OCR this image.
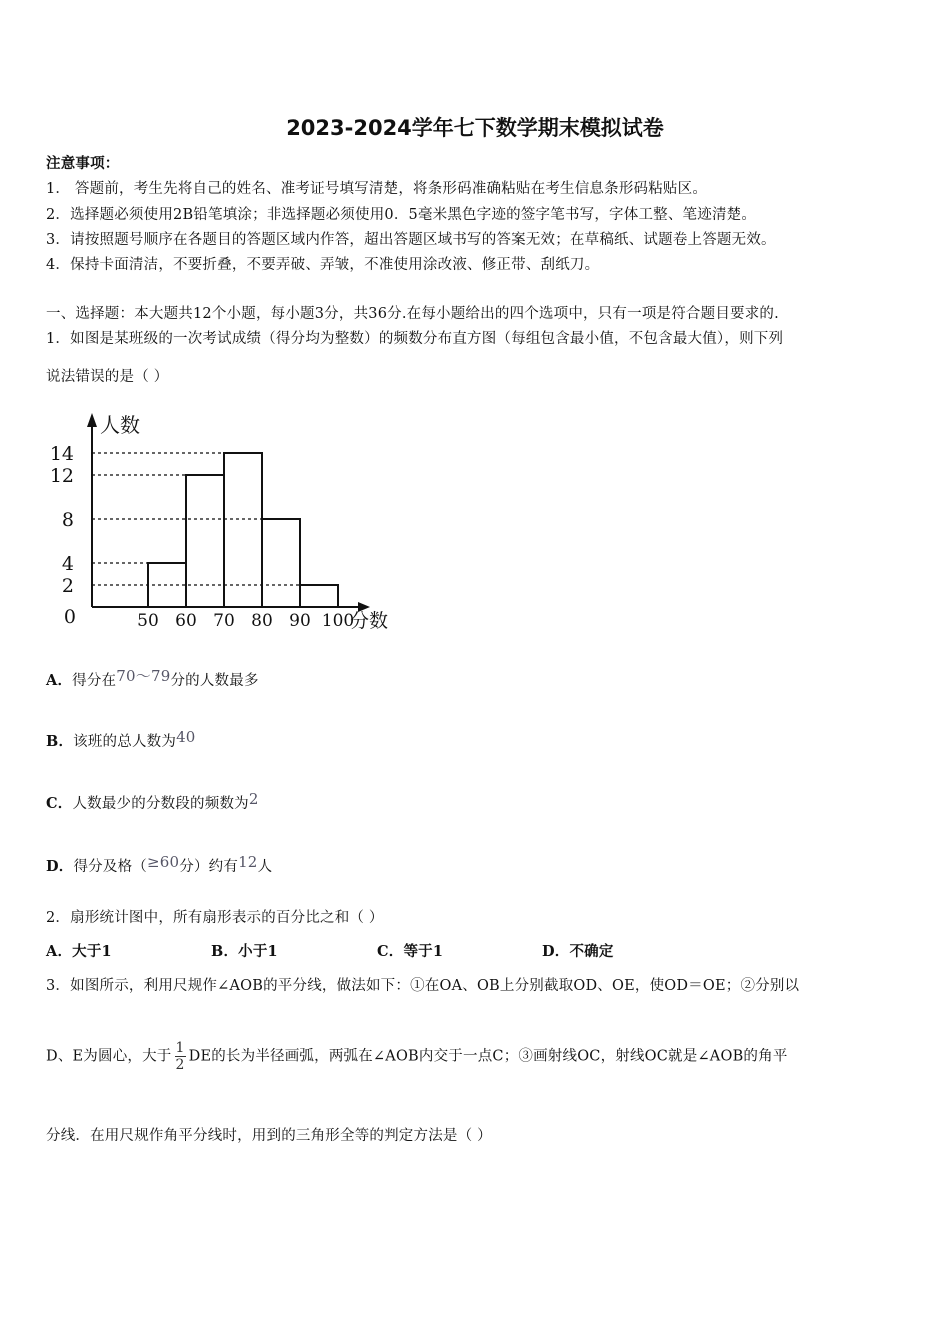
2023-2024学年七下数学期末模拟试卷
注意事项：
1． 答题前，考生先将自己的姓名、准考证号填写清楚，将条形码准确粘贴在考生信息条形码粘贴区。
2．选择题必须使用2B铅笔填涂；非选择题必须使用0．5毫米黑色字迹的签字笔书写，字体工整、笔迹清楚。
3．请按照题号顺序在各题目的答题区域内作答，超出答题区域书写的答案无效；在草稿纸、试题卷上答题无效。
4．保持卡面清洁，不要折叠，不要弄破、弄皱，不准使用涂改液、修正带、刮纸刀。
一、选择题：本大题共12个小题，每小题3分，共36分.在每小题给出的四个选项中，只有一项是符合题目要求的.
1．如图是某班级的一次考试成绩（得分均为整数）的频数分布直方图（每组包含最小值，不包含最大值），则下列
说法错误的是（ ）
人数
分数
2
4
8
12
14
0	50 60 70 80 90 100
A．得分在70～79分的人数最多
B．该班的总人数为40
C．人数最少的分数段的频数为2
D．得分及格（≥60分）约有12人
2．扇形统计图中，所有扇形表示的百分比之和（ ）
A．大于1	B．小于1	C．等于1	D．不确定
3．如图所示，利用尺规作∠AOB的平分线，做法如下：①在OA、OB上分别截取OD、OE，使OD＝OE；②分别以
D、E为圆心，大于 $\frac{1}{2}$ DE的长为半径画弧，两弧在∠AOB内交于一点C；③画射线OC，射线OC就是∠AOB的角平
分线．在用尺规作角平分线时，用到的三角形全等的判定方法是（ ）
